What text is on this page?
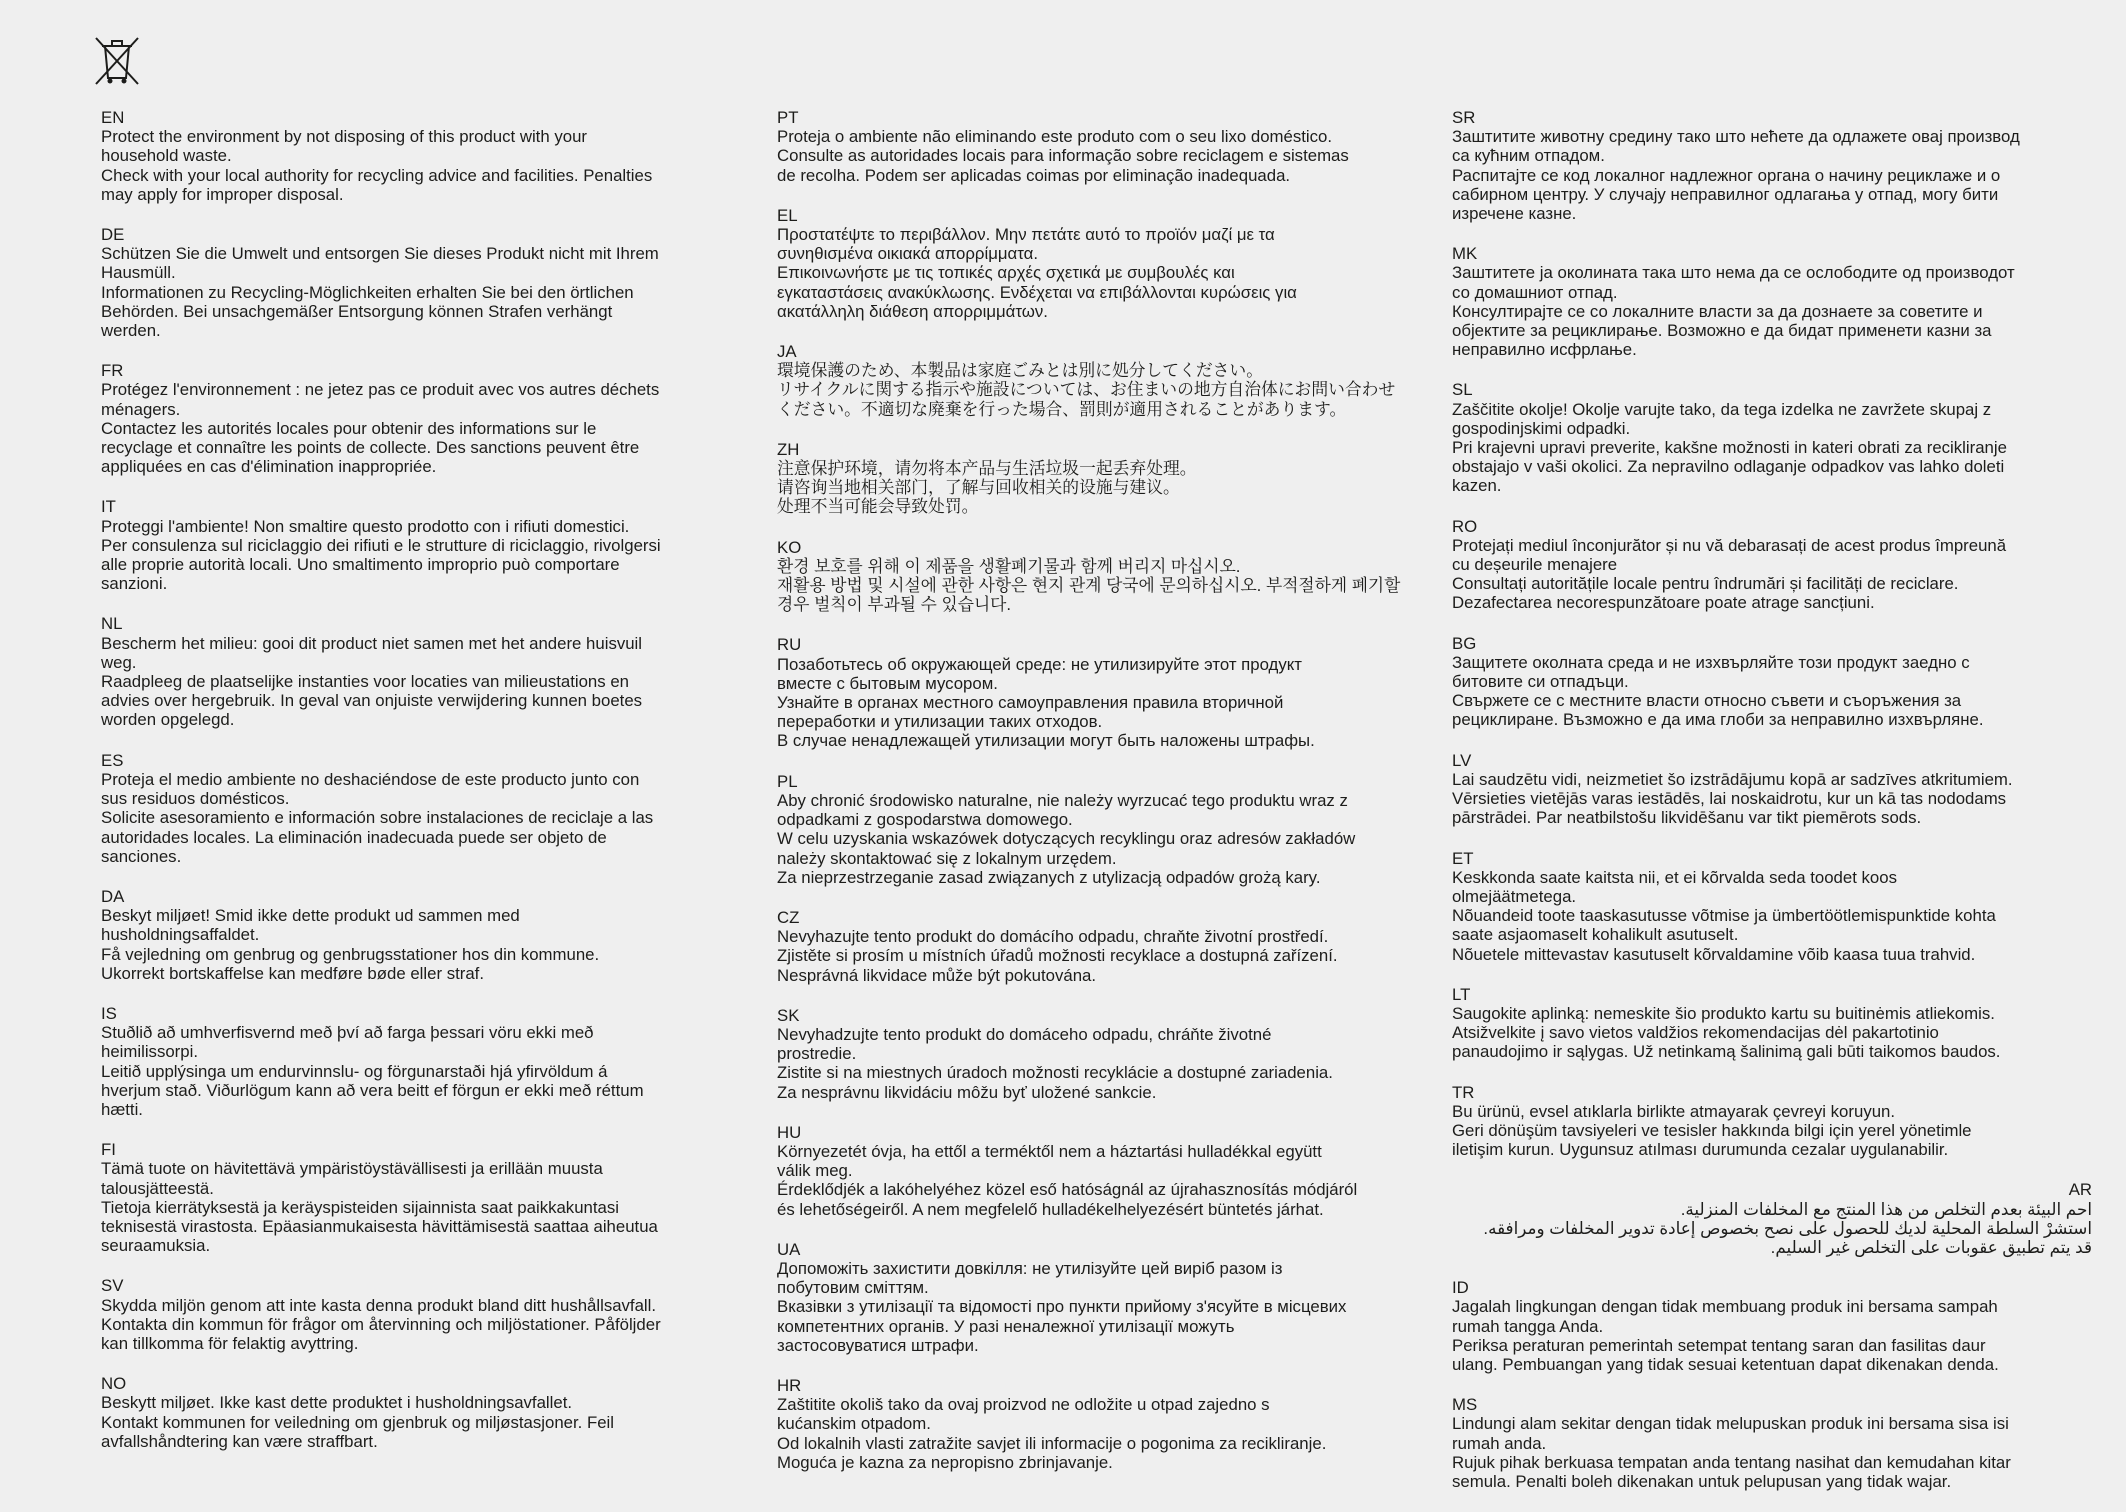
EN
Protect the environment by not disposing of this product with your
household waste.
Check with your local authority for recycling advice and facilities. Penalties
may apply for improper disposal.
DE
Schützen Sie die Umwelt und entsorgen Sie dieses Produkt nicht mit Ihrem
Hausmüll.
Informationen zu Recycling-Möglichkeiten erhalten Sie bei den örtlichen
Behörden. Bei unsachgemäßer Entsorgung können Strafen verhängt
werden.
FR
Protégez l'environnement : ne jetez pas ce produit avec vos autres déchets
ménagers.
Contactez les autorités locales pour obtenir des informations sur le
recyclage et connaître les points de collecte. Des sanctions peuvent être
appliquées en cas d'élimination inappropriée.
IT
Proteggi l'ambiente! Non smaltire questo prodotto con i rifiuti domestici.
Per consulenza sul riciclaggio dei rifiuti e le strutture di riciclaggio, rivolgersi
alle proprie autorità locali. Uno smaltimento improprio può comportare
sanzioni.
NL
Bescherm het milieu: gooi dit product niet samen met het andere huisvuil
weg.
Raadpleeg de plaatselijke instanties voor locaties van milieustations en
advies over hergebruik. In geval van onjuiste verwijdering kunnen boetes
worden opgelegd.
ES
Proteja el medio ambiente no deshaciéndose de este producto junto con
sus residuos domésticos.
Solicite asesoramiento e información sobre instalaciones de reciclaje a las
autoridades locales. La eliminación inadecuada puede ser objeto de
sanciones.
DA
Beskyt miljøet! Smid ikke dette produkt ud sammen med
husholdningsaffaldet.
Få vejledning om genbrug og genbrugsstationer hos din kommune.
Ukorrekt bortskaffelse kan medføre bøde eller straf.
IS
Stuðlið að umhverfisvernd með því að farga þessari vöru ekki með
heimilissorpi.
Leitið upplýsinga um endurvinnslu- og förgunarstaði hjá yfirvöldum á
hverjum stað. Viðurlögum kann að vera beitt ef förgun er ekki með réttum
hætti.
FI
Tämä tuote on hävitettävä ympäristöystävällisesti ja erillään muusta
talousjätteestä.
Tietoja kierrätyksestä ja keräyspisteiden sijainnista saat paikkakuntasi
teknisestä virastosta. Epäasianmukaisesta hävittämisestä saattaa aiheutua
seuraamuksia.
SV
Skydda miljön genom att inte kasta denna produkt bland ditt hushållsavfall.
Kontakta din kommun för frågor om återvinning och miljöstationer. Påföljder
kan tillkomma för felaktig avyttring.
NO
Beskytt miljøet. Ikke kast dette produktet i husholdningsavfallet.
Kontakt kommunen for veiledning om gjenbruk og miljøstasjoner. Feil
avfallshåndtering kan være straffbart.
PT
Proteja o ambiente não eliminando este produto com o seu lixo doméstico.
Consulte as autoridades locais para informação sobre reciclagem e sistemas
de recolha. Podem ser aplicadas coimas por eliminação inadequada.
EL
Προστατέψτε το περιβάλλον. Μην πετάτε αυτό το προϊόν μαζί με τα
συνηθισμένα οικιακά απορρίμματα.
Επικοινωνήστε με τις τοπικές αρχές σχετικά με συμβουλές και
εγκαταστάσεις ανακύκλωσης. Ενδέχεται να επιβάλλονται κυρώσεις για
ακατάλληλη διάθεση απορριμμάτων.
JA
環境保護のため、本製品は家庭ごみとは別に処分してください。
リサイクルに関する指示や施設については、お住まいの地方自治体にお問い合わせ
ください。不適切な廃棄を行った場合、罰則が適用されることがあります。
ZH
注意保护环境，请勿将本产品与生活垃圾一起丢弃处理。
请咨询当地相关部门，了解与回收相关的设施与建议。
处理不当可能会导致处罚。
KO
환경 보호를 위해 이 제품을 생활폐기물과 함께 버리지 마십시오.
재활용 방법 및 시설에 관한 사항은 현지 관계 당국에 문의하십시오. 부적절하게 폐기할
경우 벌칙이 부과될 수 있습니다.
RU
Позаботьтесь об окружающей среде: не утилизируйте этот продукт
вместе с бытовым мусором.
Узнайте в органах местного самоуправления правила вторичной
переработки и утилизации таких отходов.
В случае ненадлежащей утилизации могут быть наложены штрафы.
PL
Aby chronić środowisko naturalne, nie należy wyrzucać tego produktu wraz z
odpadkami z gospodarstwa domowego.
W celu uzyskania wskazówek dotyczących recyklingu oraz adresów zakładów
należy skontaktować się z lokalnym urzędem.
Za nieprzestrzeganie zasad związanych z utylizacją odpadów grożą kary.
CZ
Nevyhazujte tento produkt do domácího odpadu, chraňte životní prostředí.
Zjistěte si prosím u místních úřadů možnosti recyklace a dostupná zařízení.
Nesprávná likvidace může být pokutována.
SK
Nevyhadzujte tento produkt do domáceho odpadu, chráňte životné
prostredie.
Zistite si na miestnych úradoch možnosti recyklácie a dostupné zariadenia.
Za nesprávnu likvidáciu môžu byť uložené sankcie.
HU
Környezetét óvja, ha ettől a terméktől nem a háztartási hulladékkal együtt
válik meg.
Érdeklődjék a lakóhelyéhez közel eső hatóságnál az újrahasznosítás módjáról
és lehetőségeiről. A nem megfelelő hulladékelhelyezésért büntetés járhat.
UA
Допоможіть захистити довкілля: не утилізуйте цей виріб разом із
побутовим сміттям.
Вказівки з утилізації та відомості про пункти прийому з'ясуйте в місцевих
компетентних органів. У разі неналежної утилізації можуть
застосовуватися штрафи.
HR
Zaštitite okoliš tako da ovaj proizvod ne odložite u otpad zajedno s
kućanskim otpadom.
Od lokalnih vlasti zatražite savjet ili informacije o pogonima za recikliranje.
Moguća je kazna za nepropisno zbrinjavanje.
SR
Заштитите животну средину тако што нећете да одлажете овај производ
са кућним отпадом.
Распитајте се код локалног надлежног органа о начину рециклаже и о
сабирном центру. У случају неправилног одлагања у отпад, могу бити
изречене казне.
MK
Заштитете ја околината така што нема да се ослободите од производот
со домашниот отпад.
Консултирајте се со локалните власти за да дознаете за советите и
објектите за рециклирање. Возможно е да бидат применети казни за
неправилно исфрлање.
SL
Zaščitite okolje! Okolje varujte tako, da tega izdelka ne zavržete skupaj z
gospodinjskimi odpadki.
Pri krajevni upravi preverite, kakšne možnosti in kateri obrati za recikliranje
obstajajo v vaši okolici. Za nepravilno odlaganje odpadkov vas lahko doleti
kazen.
RO
Protejați mediul înconjurător și nu vă debarasați de acest produs împreună
cu deșeurile menajere
Consultați autoritățile locale pentru îndrumări și facilități de reciclare.
Dezafectarea necorespunzătoare poate atrage sancțiuni.
BG
Защитете околната среда и не изхвърляйте този продукт заедно с
битовите си отпадъци.
Свържете се с местните власти относно съвети и съоръжения за
рециклиране. Възможно е да има глоби за неправилно изхвърляне.
LV
Lai saudzētu vidi, neizmetiet šo izstrādājumu kopā ar sadzīves atkritumiem.
Vērsieties vietējās varas iestādēs, lai noskaidrotu, kur un kā tas nododams
pārstrādei. Par neatbilstošu likvidēšanu var tikt piemērots sods.
ET
Keskkonda saate kaitsta nii, et ei kõrvalda seda toodet koos
olmejäätmetega.
Nõuandeid toote taaskasutusse võtmise ja ümbertöötlemispunktide kohta
saate asjaomaselt kohalikult asutuselt.
Nõuetele mittevastav kasutuselt kõrvaldamine võib kaasa tuua trahvid.
LT
Saugokite aplinką: nemeskite šio produkto kartu su buitinėmis atliekomis.
Atsižvelkite į savo vietos valdžios rekomendacijas dėl pakartotinio
panaudojimo ir sąlygas. Už netinkamą šalinimą gali būti taikomos baudos.
TR
Bu ürünü, evsel atıklarla birlikte atmayarak çevreyi koruyun.
Geri dönüşüm tavsiyeleri ve tesisler hakkında bilgi için yerel yönetimle
iletişim kurun. Uygunsuz atılması durumunda cezalar uygulanabilir.
AR
احم البيئة بعدم التخلص من هذا المنتج مع المخلفات المنزلية.
استشرْ السلطة المحلية لديك للحصول على نصح بخصوص إعادة تدوير المخلفات ومرافقه.
قد يتم تطبيق عقوبات على التخلص غير السليم.
ID
Jagalah lingkungan dengan tidak membuang produk ini bersama sampah
rumah tangga Anda.
Periksa peraturan pemerintah setempat tentang saran dan fasilitas daur
ulang. Pembuangan yang tidak sesuai ketentuan dapat dikenakan denda.
MS
Lindungi alam sekitar dengan tidak melupuskan produk ini bersama sisa isi
rumah anda.
Rujuk pihak berkuasa tempatan anda tentang nasihat dan kemudahan kitar
semula. Penalti boleh dikenakan untuk pelupusan yang tidak wajar.
